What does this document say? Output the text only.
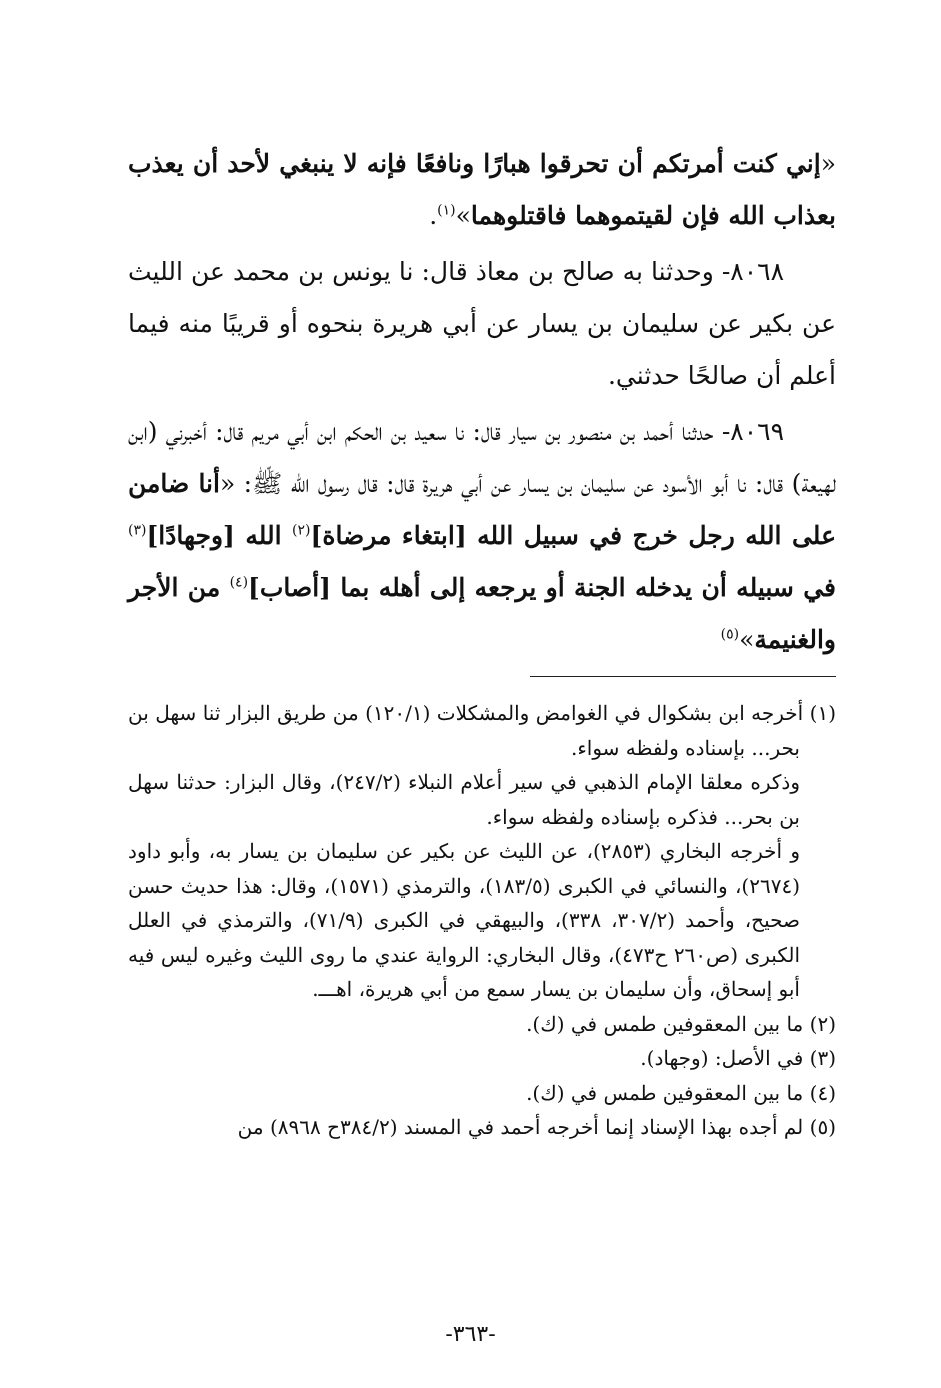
«إني كنت أمرتكم أن تحرقوا هبارًا ونافعًا فإنه لا ينبغي لأحد أن يعذب بعذاب الله فإن لقيتموهما فاقتلوهما»$^{(١)}$.

٨٠٦٨- وحدثنا به صالح بن معاذ قال: نا يونس بن محمد عن الليث عن بكير عن سليمان بن يسار عن أبي هريرة بنحوه أو قريبًا منه فيما أعلم أن صالحًا حدثني.

٨٠٦٩- حدثنا أحمد بن منصور بن سيار قال: نا سعيد بن الحكم ابن أبي مريم قال: أخبرني (ابن لهيعة) قال: نا أبو الأسود عن سليمان بن يسار عن أبي هريرة قال: قال رسول الله ﷺ: «أنا ضامن على الله رجل خرج في سبيل الله [ابتغاء مرضاة]$^{(٢)}$ الله [وجهادًا]$^{(٣)}$ في سبيله أن يدخله الجنة أو يرجعه إلى أهله بما [أصاب]$^{(٤)}$ من الأجر والغنيمة»$^{(٥)}$

(١) أخرجه ابن بشكوال في الغوامض والمشكلات (١٢٠/١) من طريق البزار ثنا سهل بن بحر... بإسناده ولفظه سواء.

وذكره معلقا الإمام الذهبي في سير أعلام النبلاء (٢٤٧/٢)، وقال البزار: حدثنا سهل بن بحر... فذكره بإسناده ولفظه سواء.

و أخرجه البخاري (٢٨٥٣)، عن الليث عن بكير عن سليمان بن يسار به، وأبو داود (٢٦٧٤)، والنسائي في الكبرى (١٨٣/٥)، والترمذي (١٥٧١)، وقال: هذا حديث حسن صحيح، وأحمد (٣٠٧/٢، ٣٣٨)، والبيهقي في الكبرى (٧١/٩)، والترمذي في العلل الكبرى (ص٢٦٠ ح٤٧٣)، وقال البخاري: الرواية عندي ما روى الليث وغيره ليس فيه أبو إسحاق، وأن سليمان بن يسار سمع من أبي هريرة، اهـــ.

(٢) ما بين المعقوفين طمس في (ك).

(٣) في الأصل: (وجهاد).

(٤) ما بين المعقوفين طمس في (ك).

(٥) لم أجده بهذا الإسناد إنما أخرجه أحمد في المسند (٣٨٤/٢ح ٨٩٦٨) من

-٣٦٣-
